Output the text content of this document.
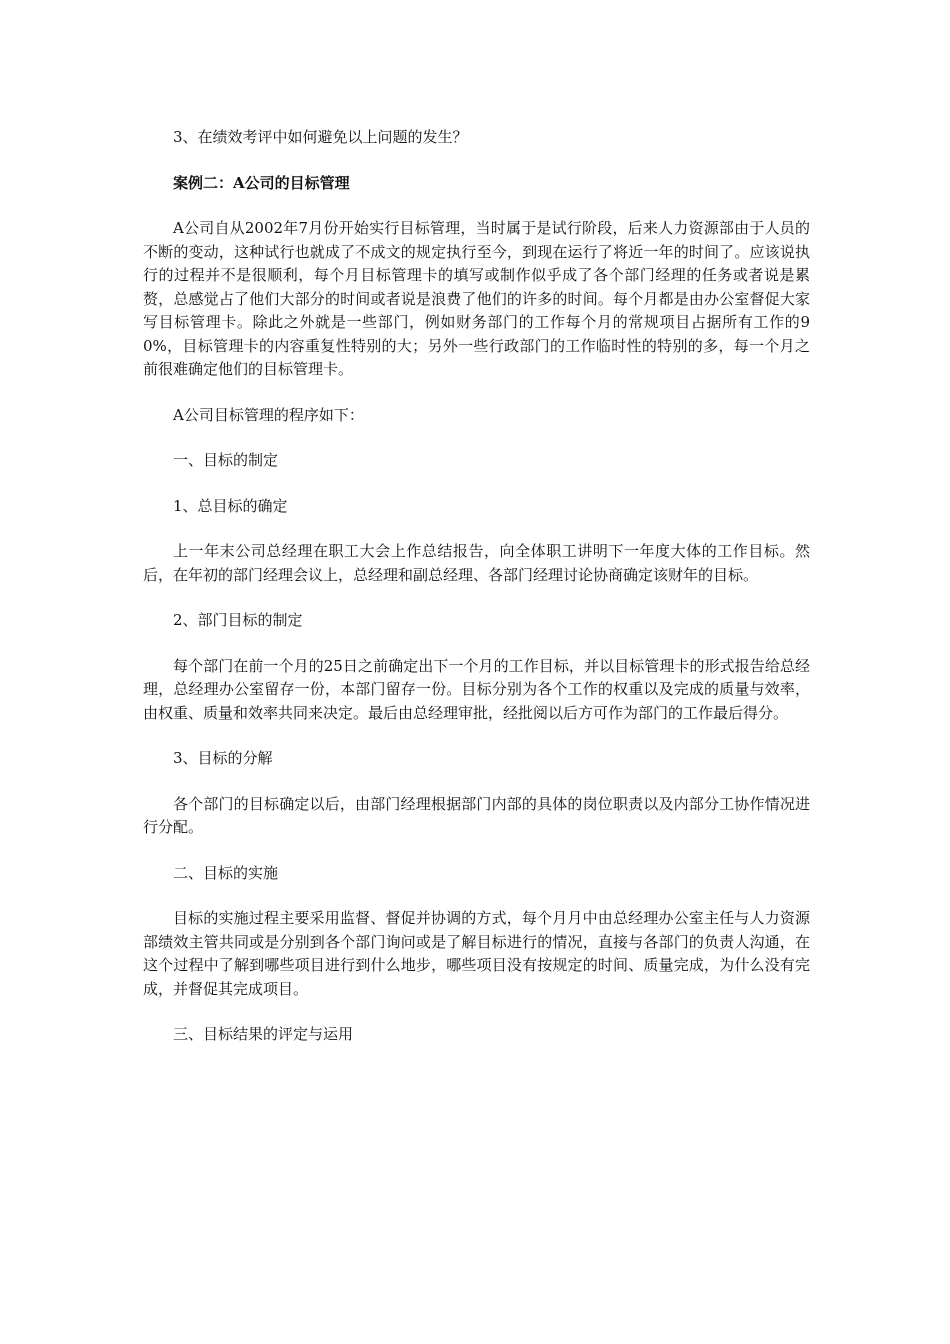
3、在绩效考评中如何避免以上问题的发生？

案例二：A公司的目标管理

A公司自从2002年7月份开始实行目标管理，当时属于是试行阶段，后来人力资源部由于人员的不断的变动，这种试行也就成了不成文的规定执行至今，到现在运行了将近一年的时间了。应该说执行的过程并不是很顺利，每个月目标管理卡的填写或制作似乎成了各个部门经理的任务或者说是累赘，总感觉占了他们大部分的时间或者说是浪费了他们的许多的时间。每个月都是由办公室督促大家写目标管理卡。除此之外就是一些部门，例如财务部门的工作每个月的常规项目占据所有工作的90%，目标管理卡的内容重复性特别的大；另外一些行政部门的工作临时性的特别的多，每一个月之前很难确定他们的目标管理卡。

A公司目标管理的程序如下：

一、目标的制定

1、总目标的确定

上一年末公司总经理在职工大会上作总结报告，向全体职工讲明下一年度大体的工作目标。然后，在年初的部门经理会议上，总经理和副总经理、各部门经理讨论协商确定该财年的目标。

2、部门目标的制定

每个部门在前一个月的25日之前确定出下一个月的工作目标，并以目标管理卡的形式报告给总经理，总经理办公室留存一份，本部门留存一份。目标分别为各个工作的权重以及完成的质量与效率，由权重、质量和效率共同来决定。最后由总经理审批，经批阅以后方可作为部门的工作最后得分。

3、目标的分解

各个部门的目标确定以后，由部门经理根据部门内部的具体的岗位职责以及内部分工协作情况进行分配。

二、目标的实施

目标的实施过程主要采用监督、督促并协调的方式，每个月月中由总经理办公室主任与人力资源部绩效主管共同或是分别到各个部门询问或是了解目标进行的情况，直接与各部门的负责人沟通，在这个过程中了解到哪些项目进行到什么地步，哪些项目没有按规定的时间、质量完成，为什么没有完成，并督促其完成项目。

三、目标结果的评定与运用
